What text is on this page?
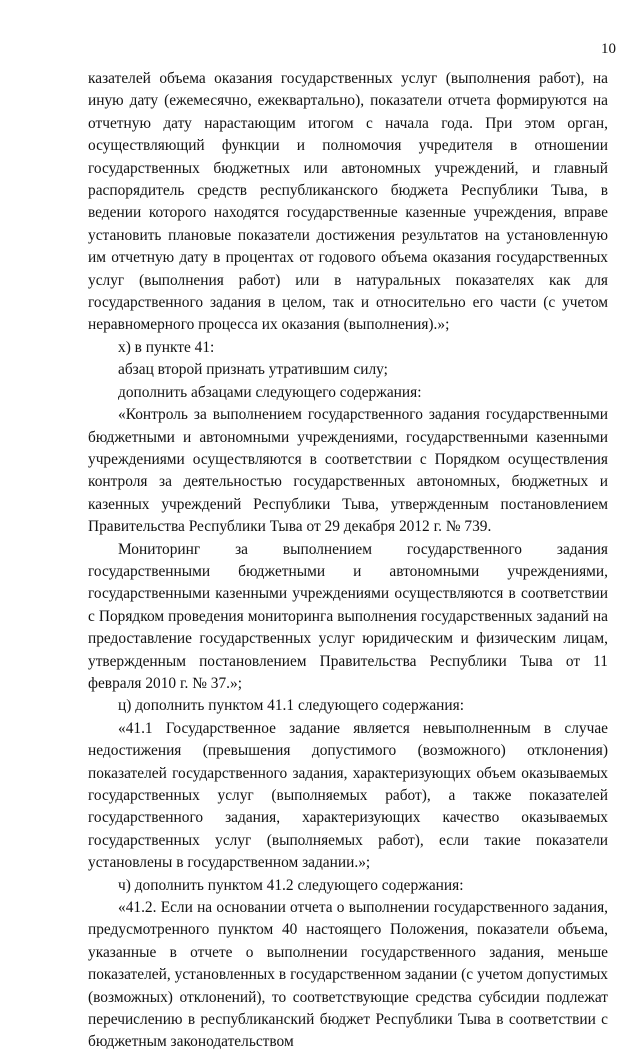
10

казателей объема оказания государственных услуг (выполнения работ), на иную дату (ежемесячно, ежеквартально), показатели отчета формируются на отчетную дату нарастающим итогом с начала года. При этом орган, осуществляющий функции и полномочия учредителя в отношении государственных бюджетных или автономных учреждений, и главный распорядитель средств республиканского бюджета Республики Тыва, в ведении которого находятся государственные казенные учреждения, вправе установить плановые показатели достижения результатов на установленную им отчетную дату в процентах от годового объема оказания государственных услуг (выполнения работ) или в натуральных показателях как для государственного задания в целом, так и относительно его части (с учетом неравномерного процесса их оказания (выполнения).»;

х) в пункте 41:

абзац второй признать утратившим силу;

дополнить абзацами следующего содержания:

«Контроль за выполнением государственного задания государственными бюджетными и автономными учреждениями, государственными казенными учреждениями осуществляются в соответствии с Порядком осуществления контроля за деятельностью государственных автономных, бюджетных и казенных учреждений Республики Тыва, утвержденным постановлением Правительства Республики Тыва от 29 декабря 2012 г. № 739.

Мониторинг за выполнением государственного задания государственными бюджетными и автономными учреждениями, государственными казенными учреждениями осуществляются в соответствии с Порядком проведения мониторинга выполнения государственных заданий на предоставление государственных услуг юридическим и физическим лицам, утвержденным постановлением Правительства Республики Тыва от 11 февраля 2010 г. № 37.»;

ц) дополнить пунктом 41.1 следующего содержания:

«41.1 Государственное задание является невыполненным в случае недостижения (превышения допустимого (возможного) отклонения) показателей государственного задания, характеризующих объем оказываемых государственных услуг (выполняемых работ), а также показателей государственного задания, характеризующих качество оказываемых государственных услуг (выполняемых работ), если такие показатели установлены в государственном задании.»;

ч) дополнить пунктом 41.2 следующего содержания:

«41.2. Если на основании отчета о выполнении государственного задания, предусмотренного пунктом 40 настоящего Положения, показатели объема, указанные в отчете о выполнении государственного задания, меньше показателей, установленных в государственном задании (с учетом допустимых (возможных) отклонений), то соответствующие средства субсидии подлежат перечислению в республиканский бюджет Республики Тыва в соответствии с бюджетным законодательством
